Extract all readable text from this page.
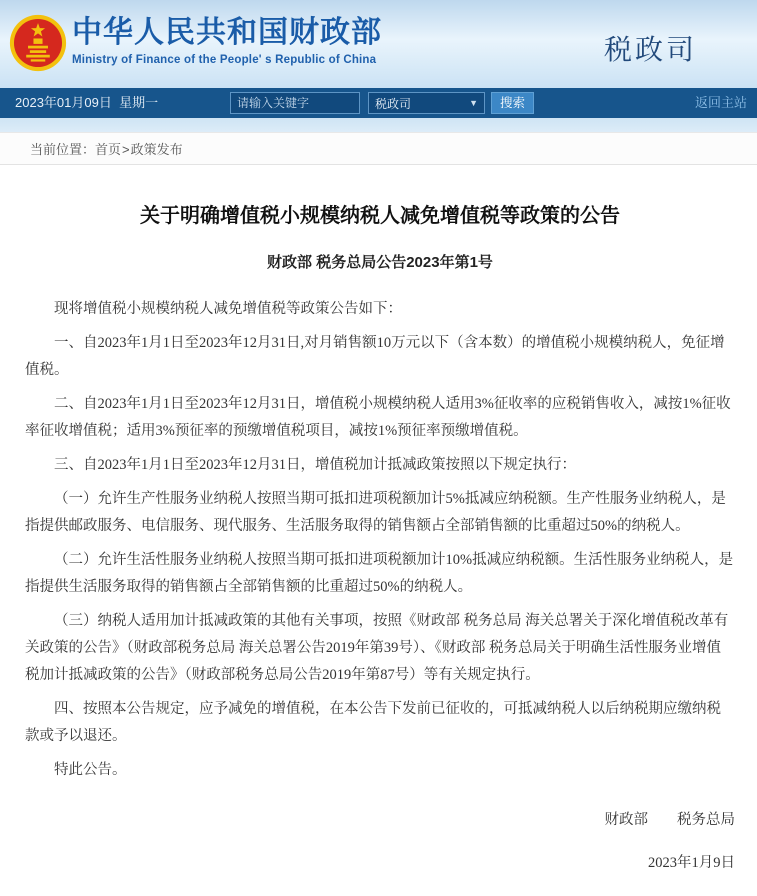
中华人民共和国财政部
Ministry of Finance of the People' s Republic of China	税政司
2023年01月09日  星期一
请输入关键字	税政司	▼	搜索	返回主站
当前位置：首页>政策发布
关于明确增值税小规模纳税人减免增值税等政策的公告
财政部 税务总局公告2023年第1号

现将增值税小规模纳税人减免增值税等政策公告如下：

一、自2023年1月1日至2023年12月31日,对月销售额10万元以下（含本数）的增值税小规模纳税人，免征增值税。

二、自2023年1月1日至2023年12月31日，增值税小规模纳税人适用3%征收率的应税销售收入，减按1%征收率征收增值税；适用3%预征率的预缴增值税项目，减按1%预征率预缴增值税。

三、自2023年1月1日至2023年12月31日，增值税加计抵减政策按照以下规定执行：

（一）允许生产性服务业纳税人按照当期可抵扣进项税额加计5%抵减应纳税额。生产性服务业纳税人，是指提供邮政服务、电信服务、现代服务、生活服务取得的销售额占全部销售额的比重超过50%的纳税人。

（二）允许生活性服务业纳税人按照当期可抵扣进项税额加计10%抵减应纳税额。生活性服务业纳税人，是指提供生活服务取得的销售额占全部销售额的比重超过50%的纳税人。

（三）纳税人适用加计抵减政策的其他有关事项，按照《财政部 税务总局 海关总署关于深化增值税改革有关政策的公告》（财政部税务总局 海关总署公告2019年第39号）、《财政部 税务总局关于明确生活性服务业增值税加计抵减政策的公告》（财政部税务总局公告2019年第87号）等有关规定执行。

四、按照本公告规定，应予减免的增值税，在本公告下发前已征收的，可抵减纳税人以后纳税期应缴纳税款或予以退还。

特此公告。

财政部　　税务总局
2023年1月9日
